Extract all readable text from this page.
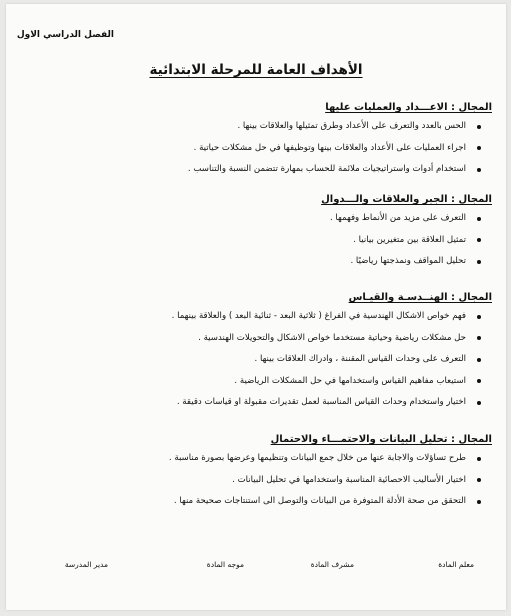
الفصل الدراسي الاول
الأهداف العامة للمرحلة الابتدائية
المجال : الاعـــداد والعمليات عليها
الحس بالعدد والتعرف على الأعداد وطرق تمثيلها والعلاقات بينها .
اجراء العمليات على الأعداد والعلاقات بينها وتوظيفها في حل مشكلات حياتية .
استخدام أدوات واستراتيجيات ملائمة للحساب بمهارة تتضمن النسبة والتناسب .
المجال : الجبر والعلاقات والـــدوال
التعرف على مزيد من الأنماط وفهمها .
تمثيل العلاقة بين متغيرين بيانيا .
تحليل المواقف ونمذجتها رياضيًا .
المجال : الهنــدسـة والقيـاس
فهم خواص الاشكال الهندسية في الفراغ ( ثلاثية البعد - ثنائية البعد ) والعلاقة بينهما .
حل مشكلات رياضية وحياتية مستخدما خواص الاشكال والتحويلات الهندسية .
التعرف على وحدات القياس المقننة ، وادراك العلاقات بينها .
استيعاب مفاهيم القياس واستخدامها في حل المشكلات الرياضية .
اختيار واستخدام وحدات القياس المناسبة لعمل تقديرات مقبولة او قياسات دقيقة .
المجال : تحليل البيانات والاحتمـــاء والاحتمال
طرح تساؤلات والاجابة عنها من خلال جمع البيانات وتنظيمها وعرضها بصورة مناسبة .
اختيار الأساليب الاحصائية المناسبة واستخدامها في تحليل البيانات .
التحقق من صحة الأدلة المتوفرة من البيانات والتوصل الى استنتاجات صحيحة منها .
معلم المادة
مشرف المادة
موجه المادة
مدير المدرسة
